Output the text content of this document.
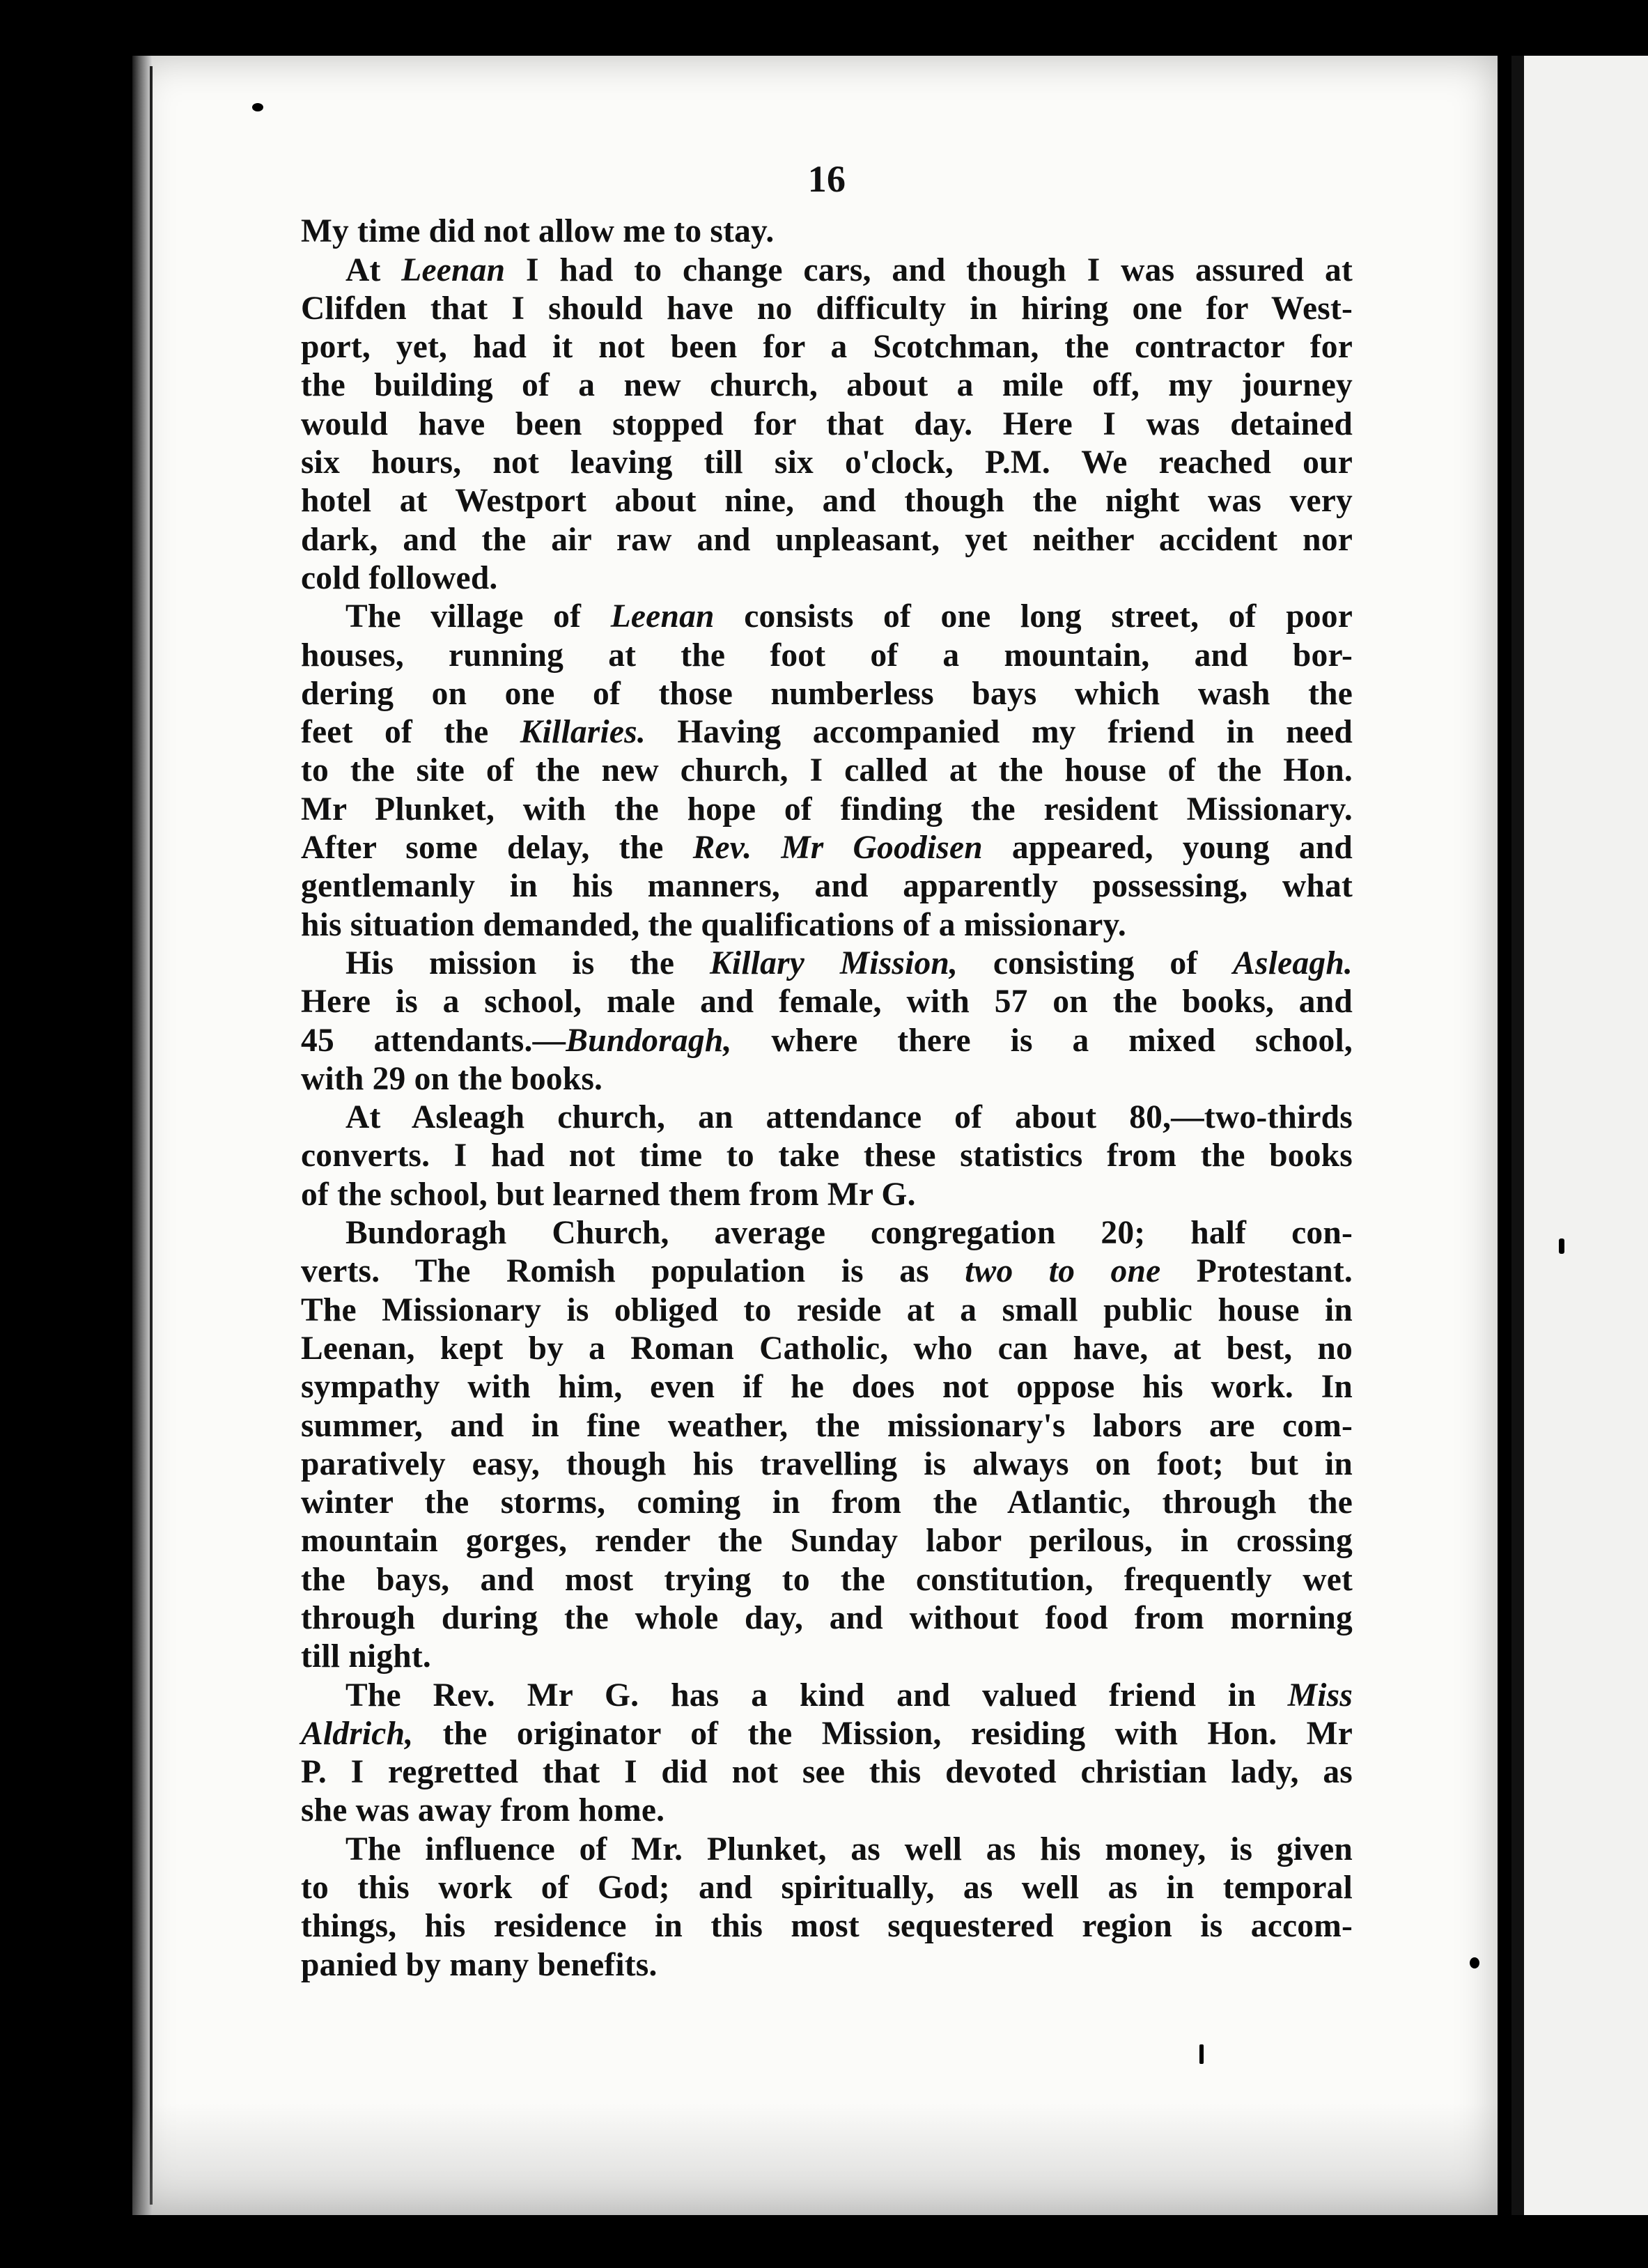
16
My time did not allow me to stay.
At Leenan I had to change cars, and though I was assured at
Clifden that I should have no difficulty in hiring one for West-
port, yet, had it not been for a Scotchman, the contractor for
the building of a new church, about a mile off, my journey
would have been stopped for that day. Here I was detained
six hours, not leaving till six o'clock, P.M. We reached our
hotel at Westport about nine, and though the night was very
dark, and the air raw and unpleasant, yet neither accident nor
cold followed.
The village of Leenan consists of one long street, of poor
houses, running at the foot of a mountain, and bor-
dering on one of those numberless bays which wash the
feet of the Killaries. Having accompanied my friend in need
to the site of the new church, I called at the house of the Hon.
Mr Plunket, with the hope of finding the resident Missionary.
After some delay, the Rev. Mr Goodisen appeared, young and
gentlemanly in his manners, and apparently possessing, what
his situation demanded, the qualifications of a missionary.
His mission is the Killary Mission, consisting of Asleagh.
Here is a school, male and female, with 57 on the books, and
45 attendants.—Bundoragh, where there is a mixed school,
with 29 on the books.
At Asleagh church, an attendance of about 80,—two-thirds
converts. I had not time to take these statistics from the books
of the school, but learned them from Mr G.
Bundoragh Church, average congregation 20; half con-
verts. The Romish population is as two to one Protestant.
The Missionary is obliged to reside at a small public house in
Leenan, kept by a Roman Catholic, who can have, at best, no
sympathy with him, even if he does not oppose his work. In
summer, and in fine weather, the missionary's labors are com-
paratively easy, though his travelling is always on foot; but in
winter the storms, coming in from the Atlantic, through the
mountain gorges, render the Sunday labor perilous, in crossing
the bays, and most trying to the constitution, frequently wet
through during the whole day, and without food from morning
till night.
The Rev. Mr G. has a kind and valued friend in Miss
Aldrich, the originator of the Mission, residing with Hon. Mr
P. I regretted that I did not see this devoted christian lady, as
she was away from home.
The influence of Mr. Plunket, as well as his money, is given
to this work of God; and spiritually, as well as in temporal
things, his residence in this most sequestered region is accom-
panied by many benefits.
